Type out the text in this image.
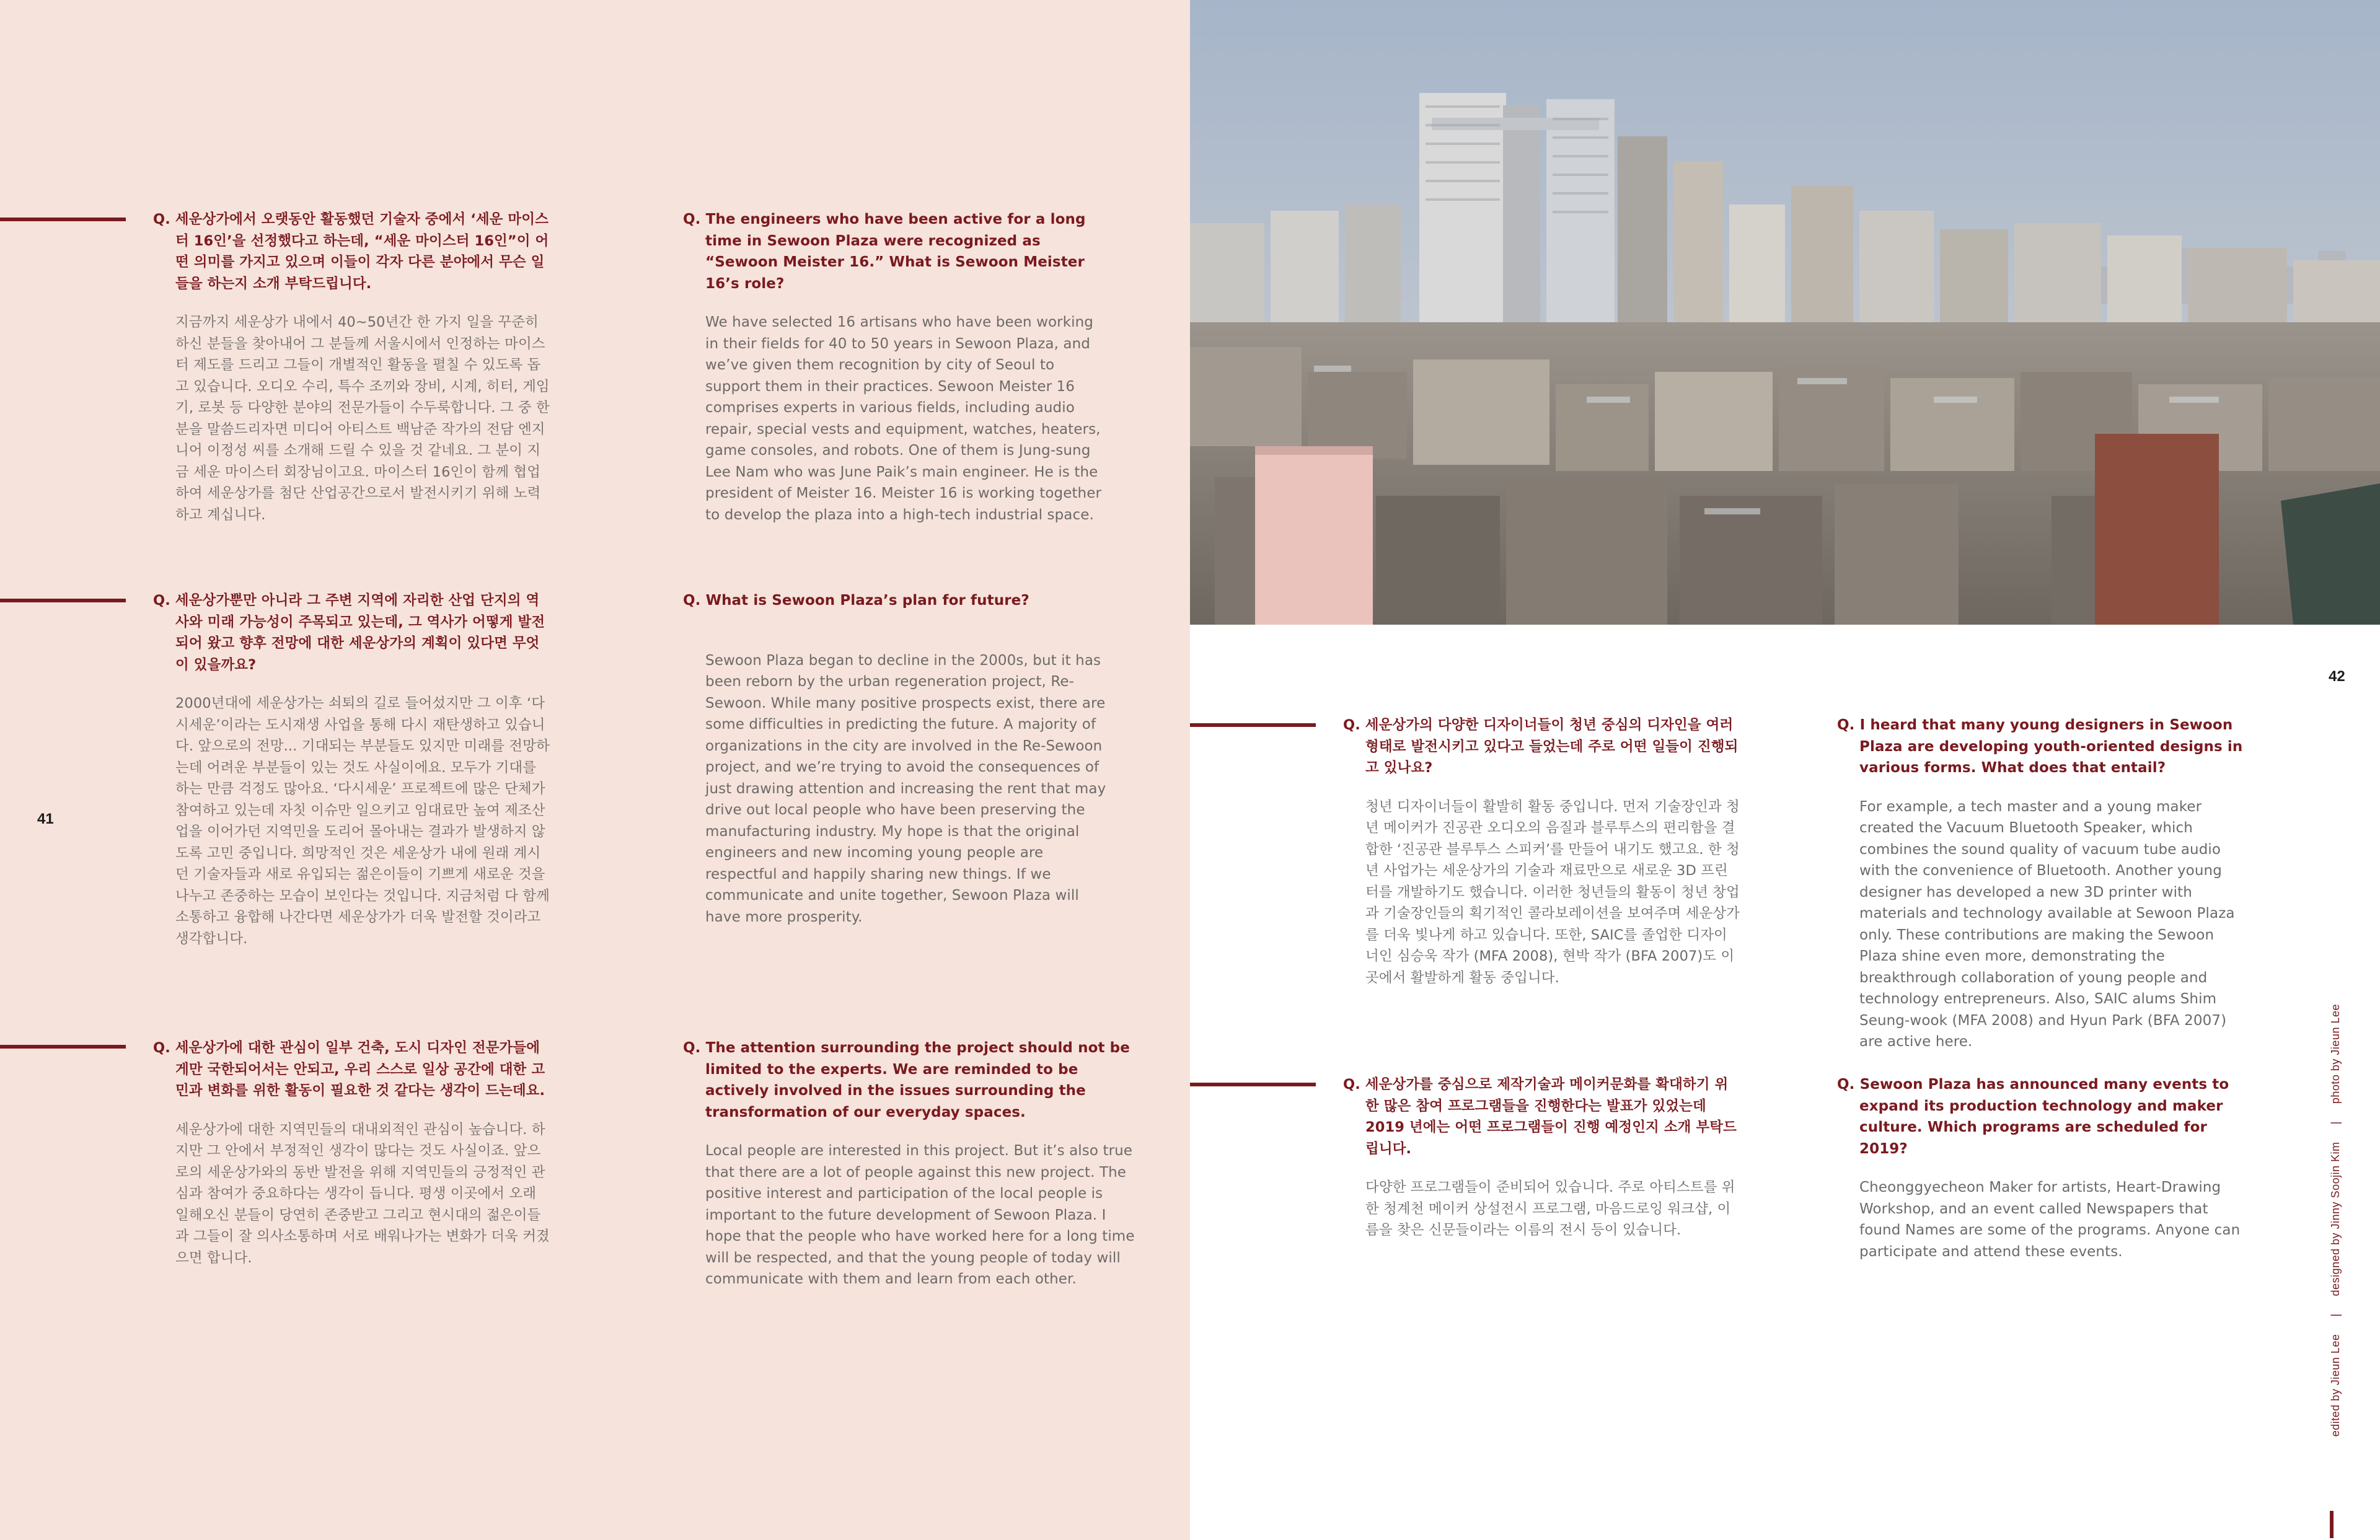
41

Q. 세운상가에서 오랫동안 활동했던 기술자 중에서 ‘세운 마이스터 16인’을 선정했다고 하는데, “세운 마이스터 16인”이 어떤 의미를 가지고 있으며 이들이 각자 다른 분야에서 무슨 일들을 하는지 소개 부탁드립니다.

지금까지 세운상가 내에서 40~50년간 한 가지 일을 꾸준히 하신 분들을 찾아내어 그 분들께 서울시에서 인정하는 마이스터 제도를 드리고 그들이 개별적인 활동을 펼칠 수 있도록 돕고 있습니다. 오디오 수리, 특수 조끼와 장비, 시계, 히터, 게임기, 로봇 등 다양한 분야의 전문가들이 수두룩합니다. 그 중 한 분을 말씀드리자면 미디어 아티스트 백남준 작가의 전담 엔지니어 이정성 씨를 소개해 드릴 수 있을 것 같네요. 그 분이 지금 세운 마이스터 회장님이고요. 마이스터 16인이 함께 협업하여 세운상가를 첨단 산업공간으로서 발전시키기 위해 노력하고 계십니다.

Q. The engineers who have been active for a long time in Sewoon Plaza were recognized as “Sewoon Meister 16.” What is Sewoon Meister 16’s role?

We have selected 16 artisans who have been working in their fields for 40 to 50 years in Sewoon Plaza, and we’ve given them recognition by city of Seoul to support them in their practices. Sewoon Meister 16 comprises experts in various fields, including audio repair, special vests and equipment, watches, heaters, game consoles, and robots. One of them is Jung-sung Lee Nam who was June Paik’s main engineer. He is the president of Meister 16. Meister 16 is working together to develop the plaza into a high-tech industrial space.

Q. 세운상가뿐만 아니라 그 주변 지역에 자리한 산업 단지의 역사와 미래 가능성이 주목되고 있는데, 그 역사가 어떻게 발전되어 왔고 향후 전망에 대한 세운상가의 계획이 있다면 무엇이 있을까요?

2000년대에 세운상가는 쇠퇴의 길로 들어섰지만 그 이후 ‘다시세운’이라는 도시재생 사업을 통해 다시 재탄생하고 있습니다. 앞으로의 전망... 기대되는 부분들도 있지만 미래를 전망하는데 어려운 부분들이 있는 것도 사실이에요. 모두가 기대를 하는 만큼 걱정도 많아요. ‘다시세운’ 프로젝트에 많은 단체가 참여하고 있는데 자칫 이슈만 일으키고 임대료만 높여 제조산업을 이어가던 지역민을 도리어 몰아내는 결과가 발생하지 않도록 고민 중입니다. 희망적인 것은 세운상가 내에 원래 계시던 기술자들과 새로 유입되는 젊은이들이 기쁘게 새로운 것을 나누고 존중하는 모습이 보인다는 것입니다. 지금처럼 다 함께 소통하고 융합해 나간다면 세운상가가 더욱 발전할 것이라고 생각합니다.

Q. What is Sewoon Plaza’s plan for future?

Sewoon Plaza began to decline in the 2000s, but it has been reborn by the urban regeneration project, Re-Sewoon. While many positive prospects exist, there are some difficulties in predicting the future. A majority of organizations in the city are involved in the Re-Sewoon project, and we’re trying to avoid the consequences of just drawing attention and increasing the rent that may drive out local people who have been preserving the manufacturing industry. My hope is that the original engineers and new incoming young people are respectful and happily sharing new things. If we communicate and unite together, Sewoon Plaza will have more prosperity.

Q. 세운상가에 대한 관심이 일부 건축, 도시 디자인 전문가들에게만 국한되어서는 안되고, 우리 스스로 일상 공간에 대한 고민과 변화를 위한 활동이 필요한 것 같다는 생각이 드는데요.

세운상가에 대한 지역민들의 대내외적인 관심이 높습니다. 하지만 그 안에서 부정적인 생각이 많다는 것도 사실이죠. 앞으로의 세운상가와의 동반 발전을 위해 지역민들의 긍정적인 관심과 참여가 중요하다는 생각이 듭니다. 평생 이곳에서 오래 일해오신 분들이 당연히 존중받고 그리고 현시대의 젊은이들과 그들이 잘 의사소통하며 서로 배워나가는 변화가 더욱 커졌으면 합니다.

Q. The attention surrounding the project should not be limited to the experts. We are reminded to be actively involved in the issues surrounding the transformation of our everyday spaces.

Local people are interested in this project. But it’s also true that there are a lot of people against this new project. The positive interest and participation of the local people is important to the future development of Sewoon Plaza. I hope that the people who have worked here for a long time will be respected, and that the young people of today will communicate with them and learn from each other.

42

Q. 세운상가의 다양한 디자이너들이 청년 중심의 디자인을 여러 형태로 발전시키고 있다고 들었는데 주로 어떤 일들이 진행되고 있나요?

청년 디자이너들이 활발히 활동 중입니다. 먼저 기술장인과 청년 메이커가 진공관 오디오의 음질과 블루투스의 편리함을 결합한 ‘진공관 블루투스 스피커’를 만들어 내기도 했고요. 한 청년 사업가는 세운상가의 기술과 재료만으로 새로운 3D 프린터를 개발하기도 했습니다. 이러한 청년들의 활동이 청년 창업과 기술장인들의 획기적인 콜라보레이션을 보여주며 세운상가를 더욱 빛나게 하고 있습니다. 또한, SAIC를 졸업한 디자이너인 심승욱 작가 (MFA 2008), 현박 작가 (BFA 2007)도 이곳에서 활발하게 활동 중입니다.

Q. I heard that many young designers in Sewoon Plaza are developing youth-oriented designs in various forms. What does that entail?

For example, a tech master and a young maker created the Vacuum Bluetooth Speaker, which combines the sound quality of vacuum tube audio with the convenience of Bluetooth. Another young designer has developed a new 3D printer with materials and technology available at Sewoon Plaza only. These contributions are making the Sewoon Plaza shine even more, demonstrating the breakthrough collaboration of young people and technology entrepreneurs. Also, SAIC alums Shim Seung-wook (MFA 2008) and Hyun Park (BFA 2007) are active here.

Q. 세운상가를 중심으로 제작기술과 메이커문화를 확대하기 위한 많은 참여 프로그램들을 진행한다는 발표가 있었는데 2019 년에는 어떤 프로그램들이 진행 예정인지 소개 부탁드립니다.

다양한 프로그램들이 준비되어 있습니다. 주로 아티스트를 위한 청계천 메이커 상설전시 프로그램, 마음드로잉 워크샵, 이름을 찾은 신문들이라는 이름의 전시 등이 있습니다.

Q. Sewoon Plaza has announced many events to expand its production technology and maker culture. Which programs are scheduled for 2019?

Cheonggyecheon Maker for artists, Heart-Drawing Workshop, and an event called Newspapers that found Names are some of the programs. Anyone can participate and attend these events.

edited by Jieun Lee
|
designed by Jinny Soojin Kim
|
photo by Jieun Lee
